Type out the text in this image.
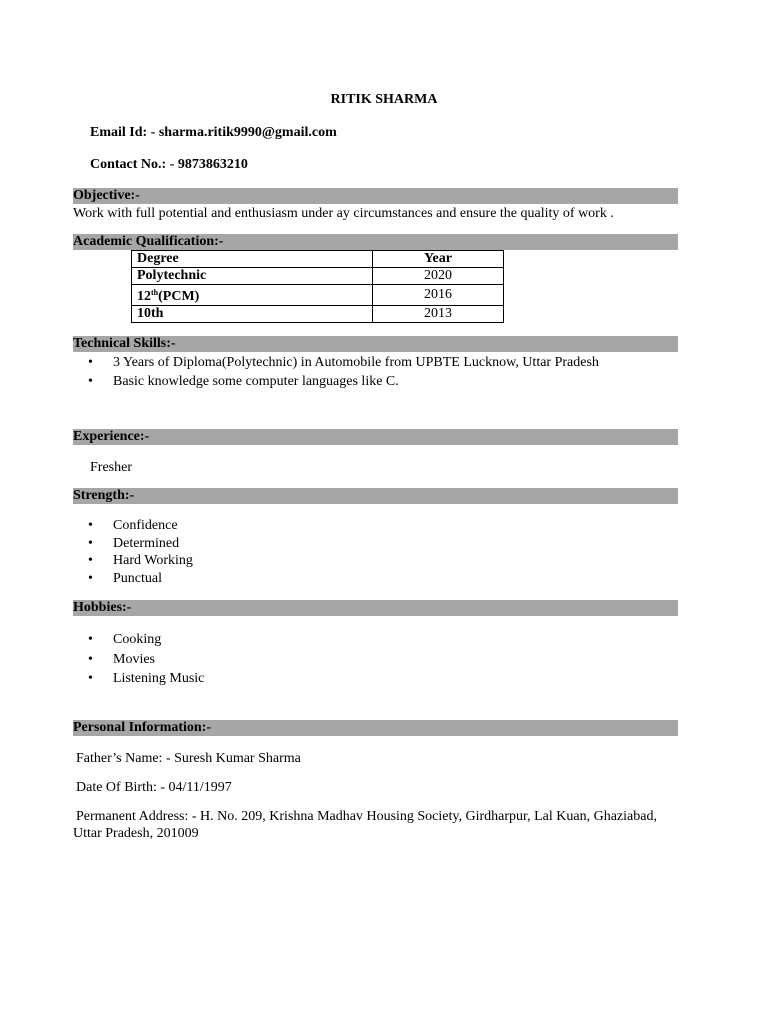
RITIK SHARMA
Email Id: - sharma.ritik9990@gmail.com
Contact No.: - 9873863210
Objective:-
Work with full potential and enthusiasm under ay circumstances and ensure the quality of work .
Academic Qualification:-
Degree	Year
Polytechnic	2020
12th(PCM)	2016
10th	2013
Technical Skills:-
• 3 Years of Diploma(Polytechnic) in Automobile from UPBTE Lucknow, Uttar Pradesh
• Basic knowledge some computer languages like C.
Experience:-
Fresher
Strength:-
• Confidence
• Determined
• Hard Working
• Punctual
Hobbies:-
• Cooking
• Movies
• Listening Music
Personal Information:-
Father’s Name: - Suresh Kumar Sharma
Date Of Birth: - 04/11/1997
Permanent Address: - H. No. 209, Krishna Madhav Housing Society, Girdharpur, Lal Kuan, Ghaziabad,
Uttar Pradesh, 201009
